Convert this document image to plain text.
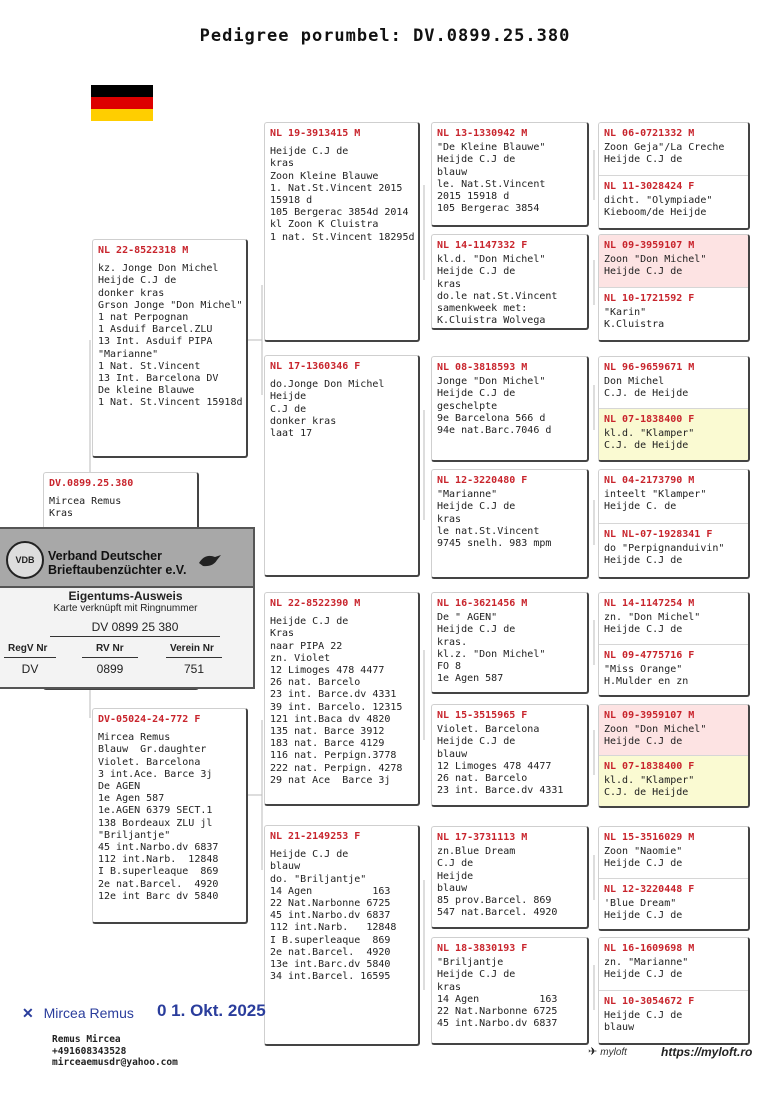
Pedigree porumbel: DV.0899.25.380
DV.0899.25.380
Mircea Remus
Kras
NL 22-8522318 M
kz. Jonge Don Michel
Heijde C.J de
donker kras
Grson Jonge "Don Michel"
1 nat Perpognan
1 Asduif Barcel.ZLU
13 Int. Asduif PIPA
"Marianne"
1 Nat. St.Vincent
13 Int. Barcelona DV
De kleine Blauwe
1 Nat. St.Vincent 15918d
DV-05024-24-772 F
Mircea Remus
Blauw  Gr.daughter
Violet. Barcelona
3 int.Ace. Barce 3j
De AGEN
1e Agen 587
1e.AGEN 6379 SECT.1
138 Bordeaux ZLU jl
"Briljantje"
45 int.Narbo.dv 6837
112 int.Narb.  12848
I B.superleaque  869
2e nat.Barcel.  4920
12e int Barc dv 5840
NL 19-3913415 M
Heijde C.J de
kras
Zoon Kleine Blauwe
1. Nat.St.Vincent 2015
15918 d
105 Bergerac 3854d 2014
kl Zoon K Cluistra
1 nat. St.Vincent 18295d
NL 17-1360346 F
do.Jonge Don Michel
Heijde
C.J de
donker kras
laat 17
NL 22-8522390 M
Heijde C.J de
Kras
naar PIPA 22
zn. Violet
12 Limoges 478 4477
26 nat. Barcelo
23 int. Barce.dv 4331
39 int. Barcelo. 12315
121 int.Baca dv 4820
135 nat. Barce 3912
183 nat. Barce 4129
116 nat. Perpign.3778
222 nat. Perpign. 4278
29 nat Ace  Barce 3j
NL 21-2149253 F
Heijde C.J de
blauw
do. "Briljantje"
14 Agen          163
22 Nat.Narbonne 6725
45 int.Narbo.dv 6837
112 int.Narb.   12848
I B.superleaque  869
2e nat.Barcel.  4920
13e int.Barc.dv 5840
34 int.Barcel. 16595
NL 13-1330942 M
"De Kleine Blauwe"
Heijde C.J de
blauw
le. Nat.St.Vincent
2015 15918 d
105 Bergerac 3854
NL 14-1147332 F
kl.d. "Don Michel"
Heijde C.J de
kras
do.le nat.St.Vincent
samenkweek met:
K.Cluistra Wolvega
NL 08-3818593 M
Jonge "Don Michel"
Heijde C.J de
geschelpte
9e Barcelona 566 d
94e nat.Barc.7046 d
NL 12-3220480 F
"Marianne"
Heijde C.J de
kras
le nat.St.Vincent
9745 snelh. 983 mpm
NL 16-3621456 M
De " AGEN"
Heijde C.J de
kras.
kl.z. "Don Michel"
FO 8
1e Agen 587
NL 15-3515965 F
Violet. Barcelona
Heijde C.J de
blauw
12 Limoges 478 4477
26 nat. Barcelo
23 int. Barce.dv 4331
NL 17-3731113 M
zn.Blue Dream
C.J de
Heijde
blauw
85 prov.Barcel. 869
547 nat.Barcel. 4920
NL 18-3830193 F
"Briljantje
Heijde C.J de
kras
14 Agen          163
22 Nat.Narbonne 6725
45 int.Narbo.dv 6837
NL 06-0721332 M
Zoon Geja"/La Creche
Heijde C.J de
NL 11-3028424 F
dicht. "Olympiade"
Kieboom/de Heijde
NL 09-3959107 M
Zoon "Don Michel"
Heijde C.J de
NL 10-1721592 F
"Karin"
K.Cluistra
NL 96-9659671 M
Don Michel
C.J. de Heijde
NL 07-1838400 F
kl.d. "Klamper"
C.J. de Heijde
NL 04-2173790 M
inteelt "Klamper"
Heijde C. de
NL NL-07-1928341 F
do "Perpignanduivin"
Heijde C.J de
NL 14-1147254 M
zn. "Don Michel"
Heijde C.J de
NL 09-4775716 F
"Miss Orange"
H.Mulder en zn
NL 09-3959107 M
Zoon "Don Michel"
Heijde C.J de
NL 07-1838400 F
kl.d. "Klamper"
C.J. de Heijde
NL 15-3516029 M
Zoon "Naomie"
Heijde C.J de
NL 12-3220448 F
'Blue Dream"
Heijde C.J de
NL 16-1609698 M
zn. "Marianne"
Heijde C.J de
NL 10-3054672 F
Heijde C.J de
blauw
VDB	Verband Deutscher
Brieftaubenzüchter e.V.
Eigentums-Ausweis
Karte verknüpft mit Ringnummer
DV 0899 25 380
RegV Nr	RV Nr	Verein Nr
DV	0899	751
✕ Mircea Remus 0 1. Okt. 2025
Remus Mircea
+491608343528
mirceaemusdr@yahoo.com
✈ myloft	https://myloft.ro
